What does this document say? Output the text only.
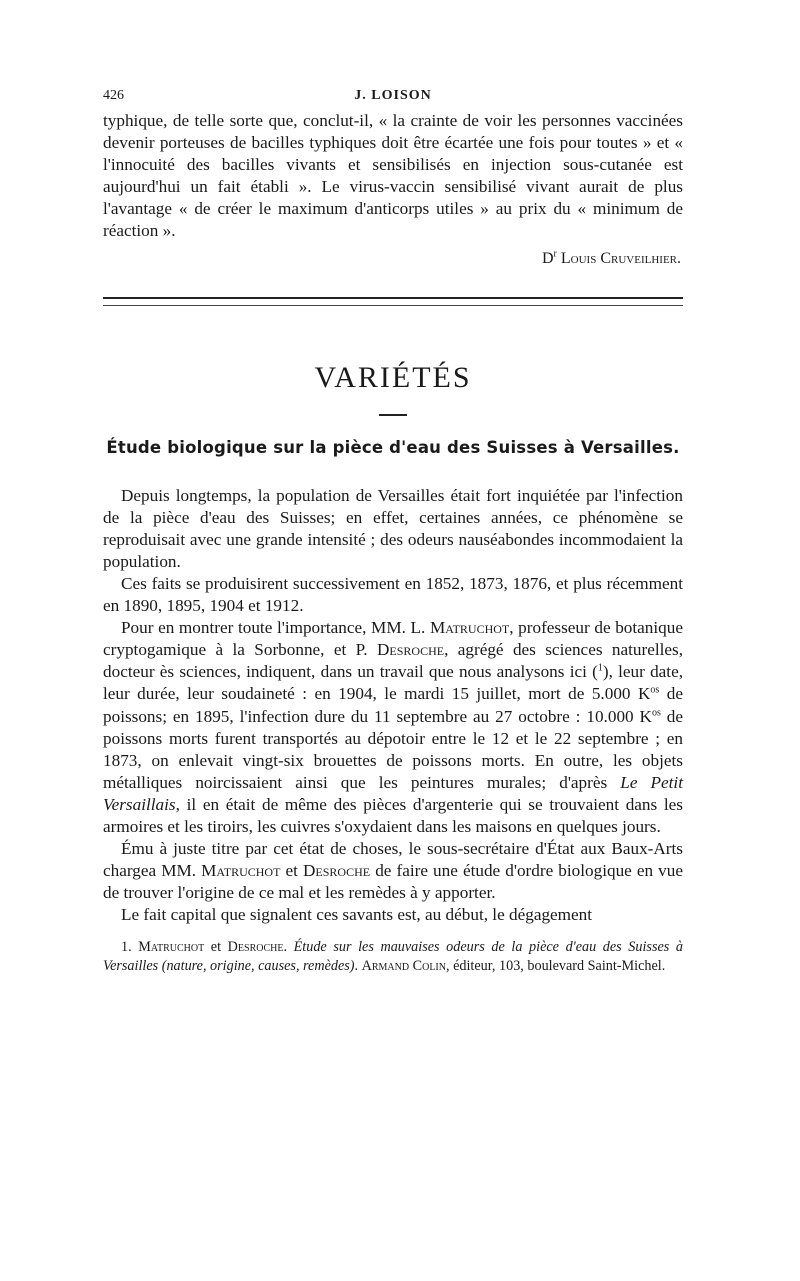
426	J. LOISON

typhique, de telle sorte que, conclut-il, « la crainte de voir les personnes vaccinées devenir porteuses de bacilles typhiques doit être écartée une fois pour toutes » et « l'innocuité des bacilles vivants et sensibilisés en injection sous-cutanée est aujourd'hui un fait établi ». Le virus-vaccin sensibilisé vivant aurait de plus l'avantage « de créer le maximum d'anticorps utiles » au prix du « minimum de réaction ».

$D^r$ Louis Cruveilhier.
VARIÉTÉS
Étude biologique sur la pièce d'eau des Suisses à Versailles.

Depuis longtemps, la population de Versailles était fort inquiétée par l'infection de la pièce d'eau des Suisses; en effet, certaines années, ce phénomène se reproduisait avec une grande intensité ; des odeurs nauséabondes incommodaient la population.

Ces faits se produisirent successivement en 1852, 1873, 1876, et plus récemment en 1890, 1895, 1904 et 1912.

Pour en montrer toute l'importance, MM. L. Matruchot, professeur de botanique cryptogamique à la Sorbonne, et P. Desroche, agrégé des sciences naturelles, docteur ès sciences, indiquent, dans un travail que nous analysons ici ($^1$), leur date, leur durée, leur soudaineté : en 1904, le mardi 15 juillet, mort de 5.000 $K^{os}$ de poissons; en 1895, l'infection dure du 11 septembre au 27 octobre : 10.000 $K^{os}$ de poissons morts furent transportés au dépotoir entre le 12 et le 22 septembre ; en 1873, on enlevait vingt-six brouettes de poissons morts. En outre, les objets métalliques noircissaient ainsi que les peintures murales; d'après Le Petit Versaillais, il en était de même des pièces d'argenterie qui se trouvaient dans les armoires et les tiroirs, les cuivres s'oxydaient dans les maisons en quelques jours.

Ému à juste titre par cet état de choses, le sous-secrétaire d'État aux Baux-Arts chargea MM. Matruchot et Desroche de faire une étude d'ordre biologique en vue de trouver l'origine de ce mal et les remèdes à y apporter.

Le fait capital que signalent ces savants est, au début, le dégagement

1. Matruchot et Desroche. Étude sur les mauvaises odeurs de la pièce d'eau des Suisses à Versailles (nature, origine, causes, remèdes). Armand Colin, éditeur, 103, boulevard Saint-Michel.
